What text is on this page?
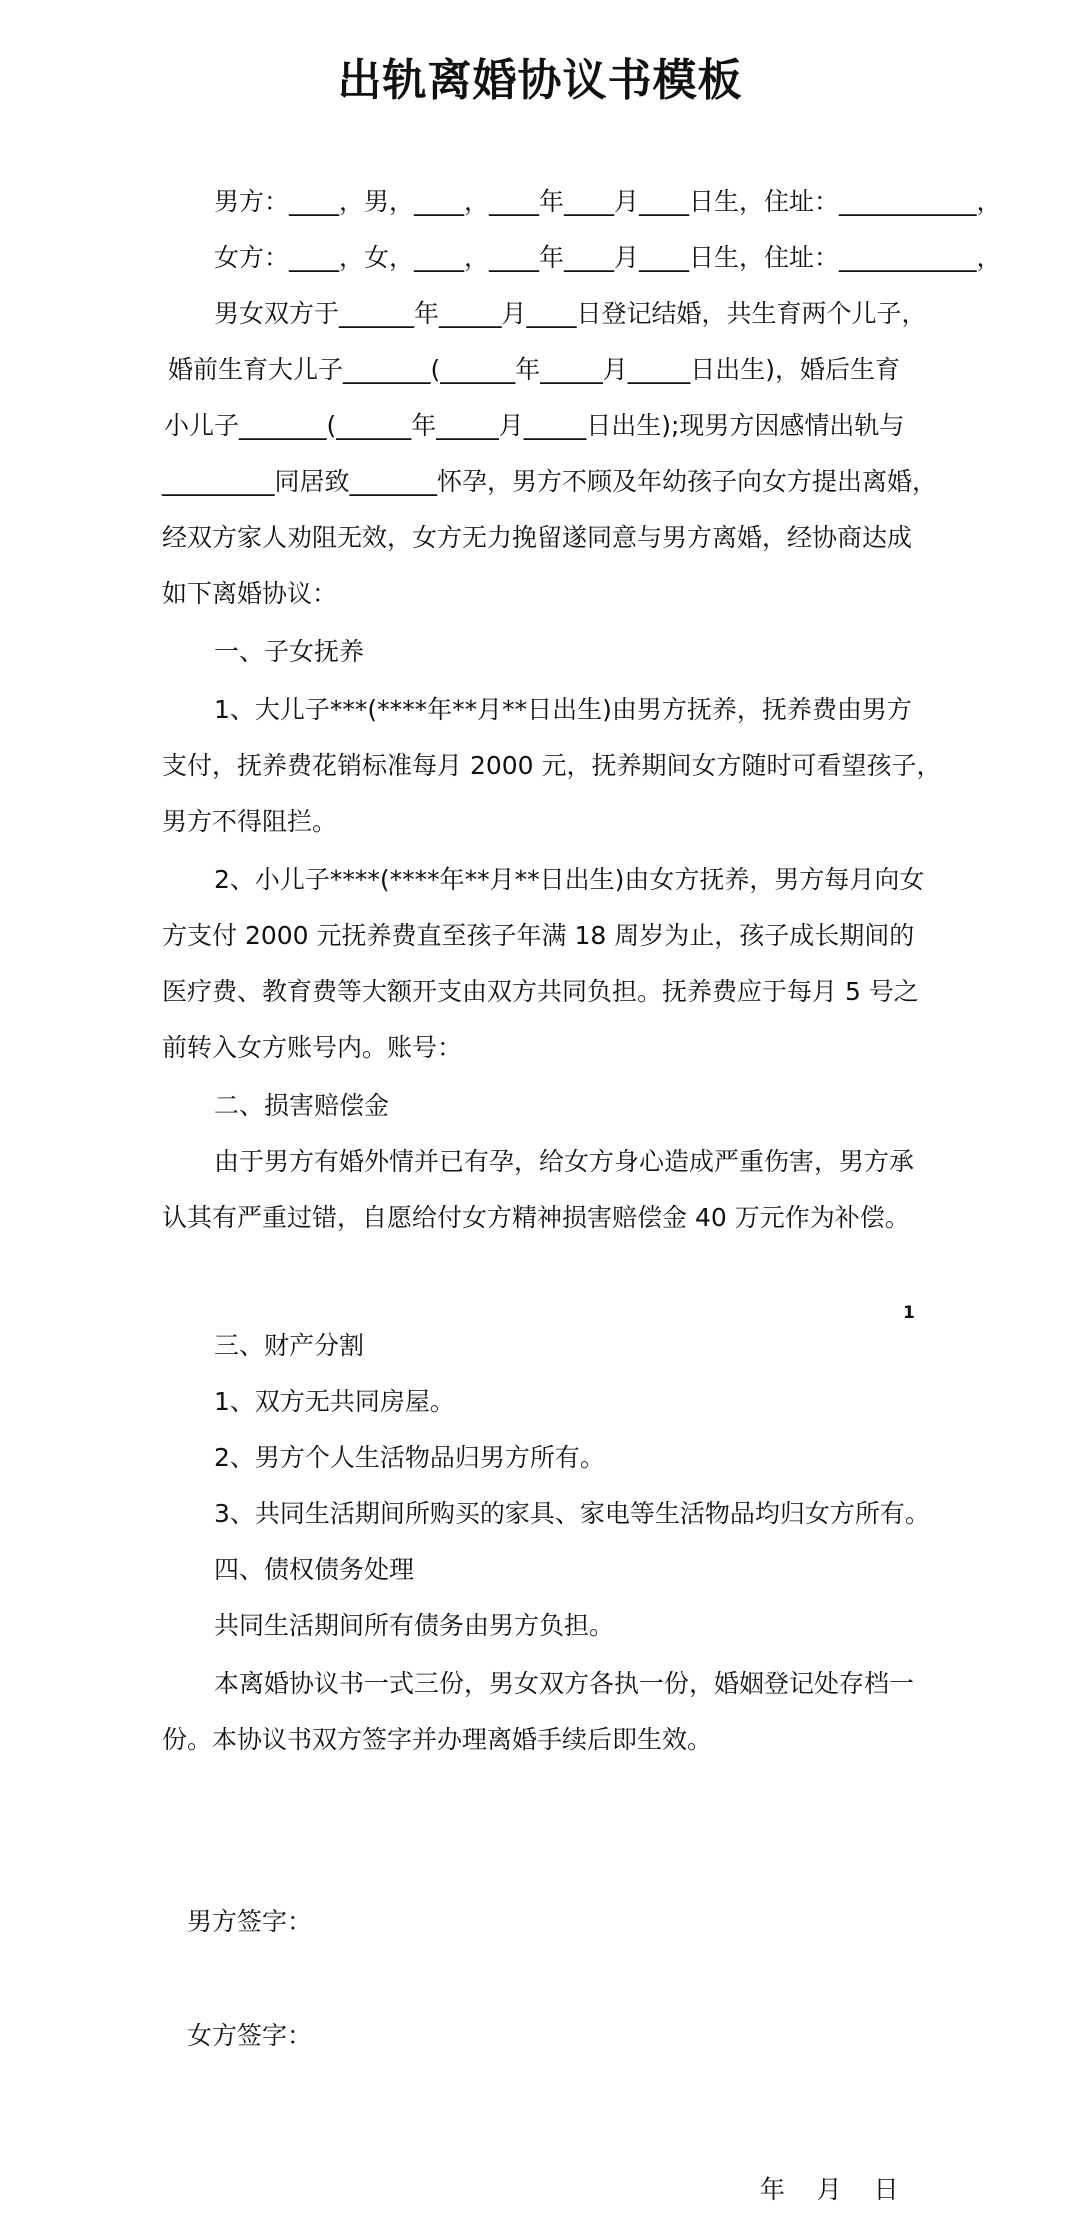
出轨离婚协议书模板
男方：____，男，____，____年____月____日生，住址：___________，
女方：____，女，____，____年____月____日生，住址：___________，
男女双方于______年_____月____日登记结婚，共生育两个儿子，
婚前生育大儿子_______(______年_____月_____日出生)，婚后生育
小儿子_______(______年_____月_____日出生);现男方因感情出轨与
_________同居致_______怀孕，男方不顾及年幼孩子向女方提出离婚，
经双方家人劝阻无效，女方无力挽留遂同意与男方离婚，经协商达成
如下离婚协议：
一、子女抚养
1、大儿子***(****年**月**日出生)由男方抚养，抚养费由男方
支付，抚养费花销标准每月 2000 元，抚养期间女方随时可看望孩子，
男方不得阻拦。
2、小儿子****(****年**月**日出生)由女方抚养，男方每月向女
方支付 2000 元抚养费直至孩子年满 18 周岁为止，孩子成长期间的
医疗费、教育费等大额开支由双方共同负担。抚养费应于每月 5 号之
前转入女方账号内。账号：
二、损害赔偿金
由于男方有婚外情并已有孕，给女方身心造成严重伤害，男方承
认其有严重过错，自愿给付女方精神损害赔偿金 40 万元作为补偿。
1
三、财产分割
1、双方无共同房屋。
2、男方个人生活物品归男方所有。
3、共同生活期间所购买的家具、家电等生活物品均归女方所有。
四、债权债务处理
共同生活期间所有债务由男方负担。
本离婚协议书一式三份，男女双方各执一份，婚姻登记处存档一
份。本协议书双方签字并办理离婚手续后即生效。
男方签字：
女方签字：
年    月    日
